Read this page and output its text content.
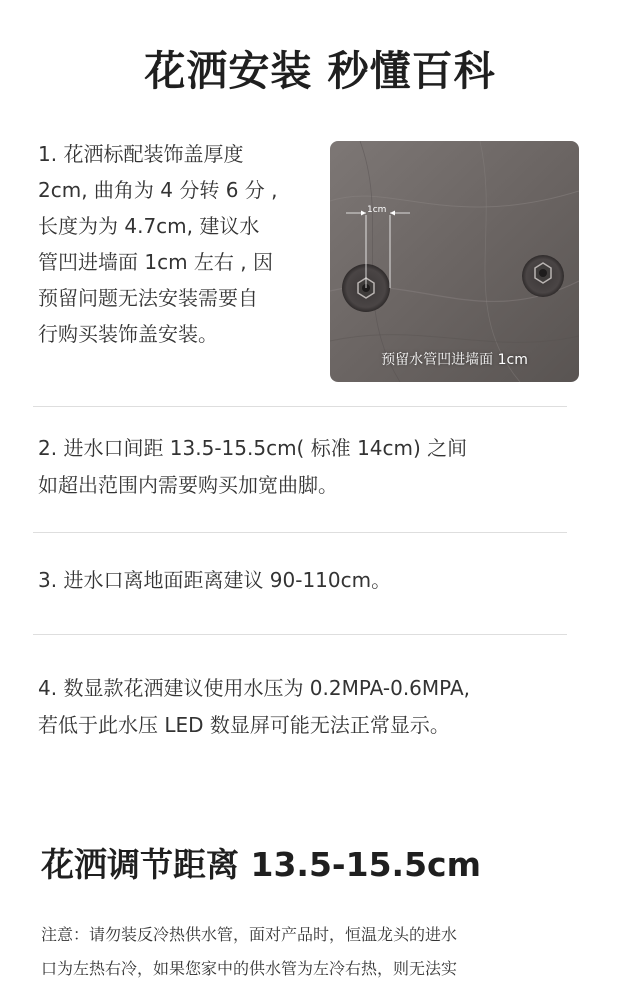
花洒安装 秒懂百科

1. 花洒标配装饰盖厚度

2cm, 曲角为 4 分转 6 分 ,

长度为为 4.7cm, 建议水

管凹进墙面 1cm 左右 , 因

预留问题无法安装需要自

行购买装饰盖安装。

1cm
预留水管凹进墙面 1cm

2. 进水口间距 13.5-15.5cm( 标准 14cm) 之间

如超出范围内需要购买加宽曲脚。

3. 进水口离地面距离建议 90-110cm。

4. 数显款花洒建议使用水压为 0.2MPA-0.6MPA,

若低于此水压 LED 数显屏可能无法正常显示。

花洒调节距离 13.5-15.5cm

注意：请勿装反冷热供水管，面对产品时，恒温龙头的进水

口为左热右冷，如果您家中的供水管为左冷右热，则无法实
